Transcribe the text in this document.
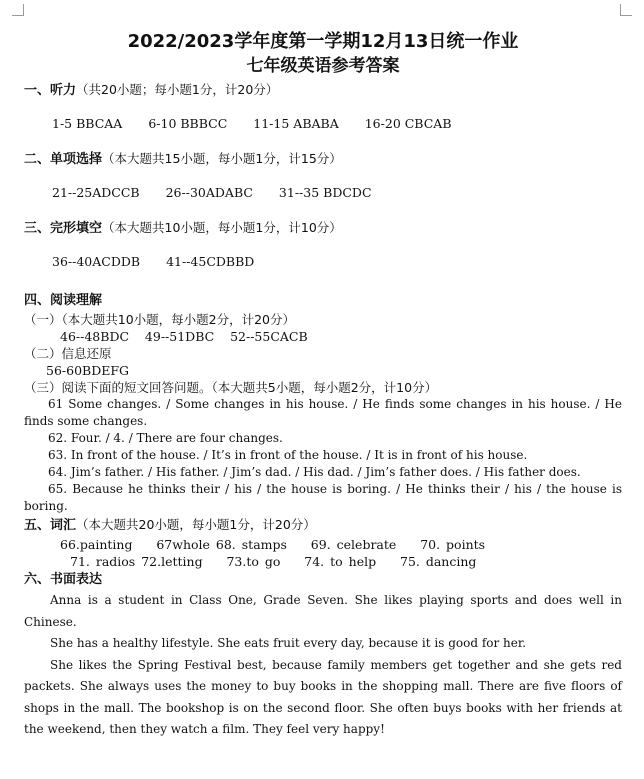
2022/2023学年度第一学期12月13日统一作业
七年级英语参考答案
一、听力（共20小题；每小题1分，计20分）
1-5 BBCAA 6-10 BBBCC 11-15 ABABA 16-20 CBCAB
二、单项选择（本大题共15小题，每小题1分，计15分）
21--25ADCCB 26--30ADABC 31--35 BDCDC
三、完形填空（本大题共10小题，每小题1分，计10分）
36--40ACDDB 41--45CDBBD
四、阅读理解
（一）（本大题共10小题，每小题2分，计20分）
46--48BDC    49--51DBC    52--55CACB
（二）信息还原
56-60BDEFG
（三）阅读下面的短文回答问题。（本大题共5小题，每小题2分，计10分）

61 Some changes. / Some changes in his house. / He finds some changes in his house. / He finds some changes.

62. Four. / 4. / There are four changes.

63. In front of the house. / It’s in front of the house. / It is in front of his house.

64. Jim’s father. / His father. / Jim’s dad. / His dad. / Jim’s father does. / His father does.

65. Because he thinks their / his / the house is boring. / He thinks their / his / the house is boring.

五、词汇（本大题共20小题，每小题1分，计20分）
66.painting    67whole 68. stamps    69. celebrate    70. points
71. radios 72.letting    73.to go    74. to help    75. dancing
六、书面表达

Anna is a student in Class One, Grade Seven. She likes playing sports and does well in Chinese.

She has a healthy lifestyle. She eats fruit every day, because it is good for her.

She likes the Spring Festival best, because family members get together and she gets red packets. She always uses the money to buy books in the shopping mall. There are five floors of shops in the mall. The bookshop is on the second floor. She often buys books with her friends at the weekend, then they watch a film. They feel very happy!
